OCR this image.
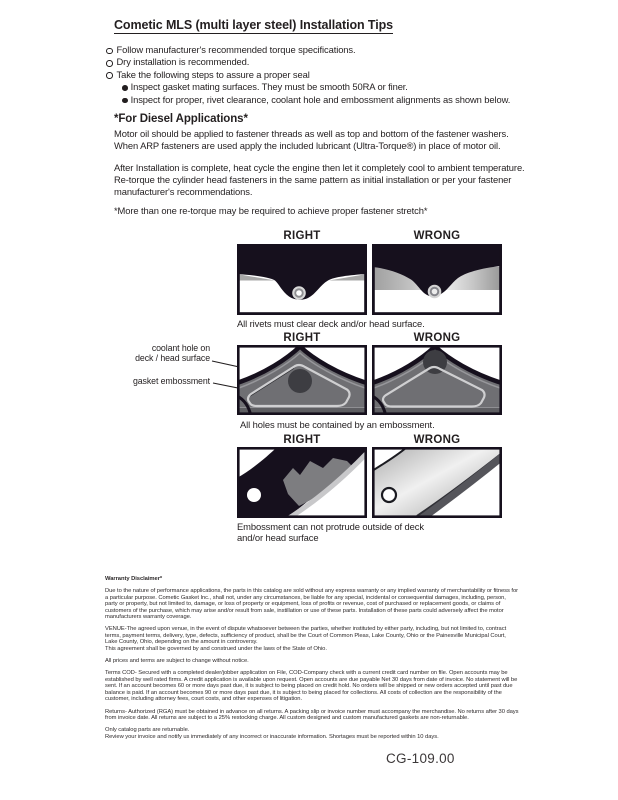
Cometic MLS (multi layer steel) Installation Tips
Follow manufacturer's recommended torque specifications.
Dry installation is recommended.
Take the following steps to assure a proper seal
Inspect gasket mating surfaces. They must be smooth 50RA or finer.
Inspect for proper, rivet clearance, coolant hole and embossment alignments as shown below.
*For Diesel Applications*
Motor oil should be applied to fastener threads as well as top and bottom of the fastener washers. When ARP fasteners are used apply the included lubricant (Ultra-Torque®) in place of motor oil.
After Installation is complete, heat cycle the engine then let it completely cool to ambient temperature. Re-torque the cylinder head fasteners in the same pattern as initial installation or per your fastener manufacturer's recommendations.
*More than one re-torque may be required to achieve proper fastener stretch*
RIGHT	WRONG
All rivets must clear deck and/or head surface.
RIGHT	WRONG
coolant hole on
deck / head surface
gasket embossment
All holes must be contained by an embossment.
RIGHT	WRONG
Embossment can not protrude outside of deck
and/or head surface

Warranty Disclaimer*

Due to the nature of performance applications, the parts in this catalog are sold without any express warranty or any implied warranty of merchantability or fitness for a particular purpose. Cometic Gasket Inc., shall not, under any circumstances, be liable for any special, incidental or consequential damages, including, person, party or property, but not limited to, damage, or loss of property or equipment, loss of profits or revenue, cost of purchased or replacement goods, or claims of customers of the purchase, which may arise and/or result from sale, instillation or use of these parts. Installation of these parts could adversely affect the motor manufacturers warranty coverage.

VENUE-The agreed upon venue, in the event of dispute whatsoever between the parties, whether instituted by either party, including, but not limited to, contract terms, payment terms, delivery, type, defects, sufficiency of product, shall be the Court of Common Pleas, Lake County, Ohio or the Painesville Municipal Court, Lake County, Ohio, depending on the amount in controversy.

This agreement shall be governed by and construed under the laws of the State of Ohio.

All prices and terms are subject to change without notice.

Terms COD- Secured with a completed dealer/jobber application on File, COD-Company check with a current credit card number on file. Open accounts may be established by well rated firms. A credit application is available upon request. Open accounts are due payable Net 30 days from date of invoice. No statement will be sent. If an account becomes 60 or more days past due, it is subject to being placed on credit hold. No orders will be shipped or new orders accepted until past due balance is paid. If an account becomes 90 or more days past due, it is subject to being placed for collections. All costs of collection are the responsibility of the customer, including attorney fees, court costs, and other expenses of litigation.

Returns- Authorized (RGA) must be obtained in advance on all returns. A packing slip or invoice number must accompany the merchandise. No returns after 30 days from invoice date. All returns are subject to a 25% restocking charge. All custom designed and custom manufactured gaskets are non-returnable.

Only catalog parts are returnable.

Review your invoice and notify us immediately of any incorrect or inaccurate information. Shortages must be reported within 10 days.

CG-109.00
